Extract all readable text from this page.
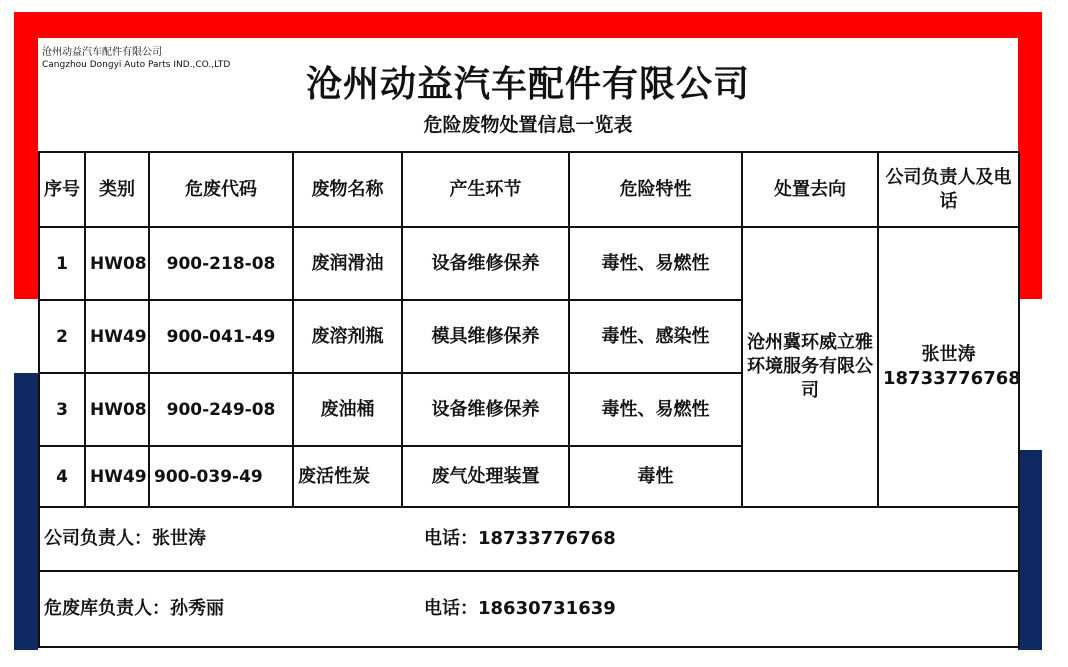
沧州动益汽车配件有限公司
Cangzhou Dongyi Auto Parts IND.,CO.,LTD	沧州动益汽车配件有限公司
危险废物处置信息一览表
序号	类别	危废代码	废物名称	产生环节	危险特性	处置去向	公司负责人及电话
1	HW08	900-218-08	废润滑油	设备维修保养	毒性、易燃性	沧州冀环威立雅环境服务有限公司	张世涛
18733776768

2	HW49	900-041-49	废溶剂瓶	模具维修保养	毒性、感染性		
3	HW08	900-249-08	废油桶	设备维修保养	毒性、易燃性		
4	HW49	900-039-49	废活性炭	废气处理装置	毒性		
公司负责人：张世涛 电话：18733776768							
危废库负责人：孙秀丽 电话：18630731639							
